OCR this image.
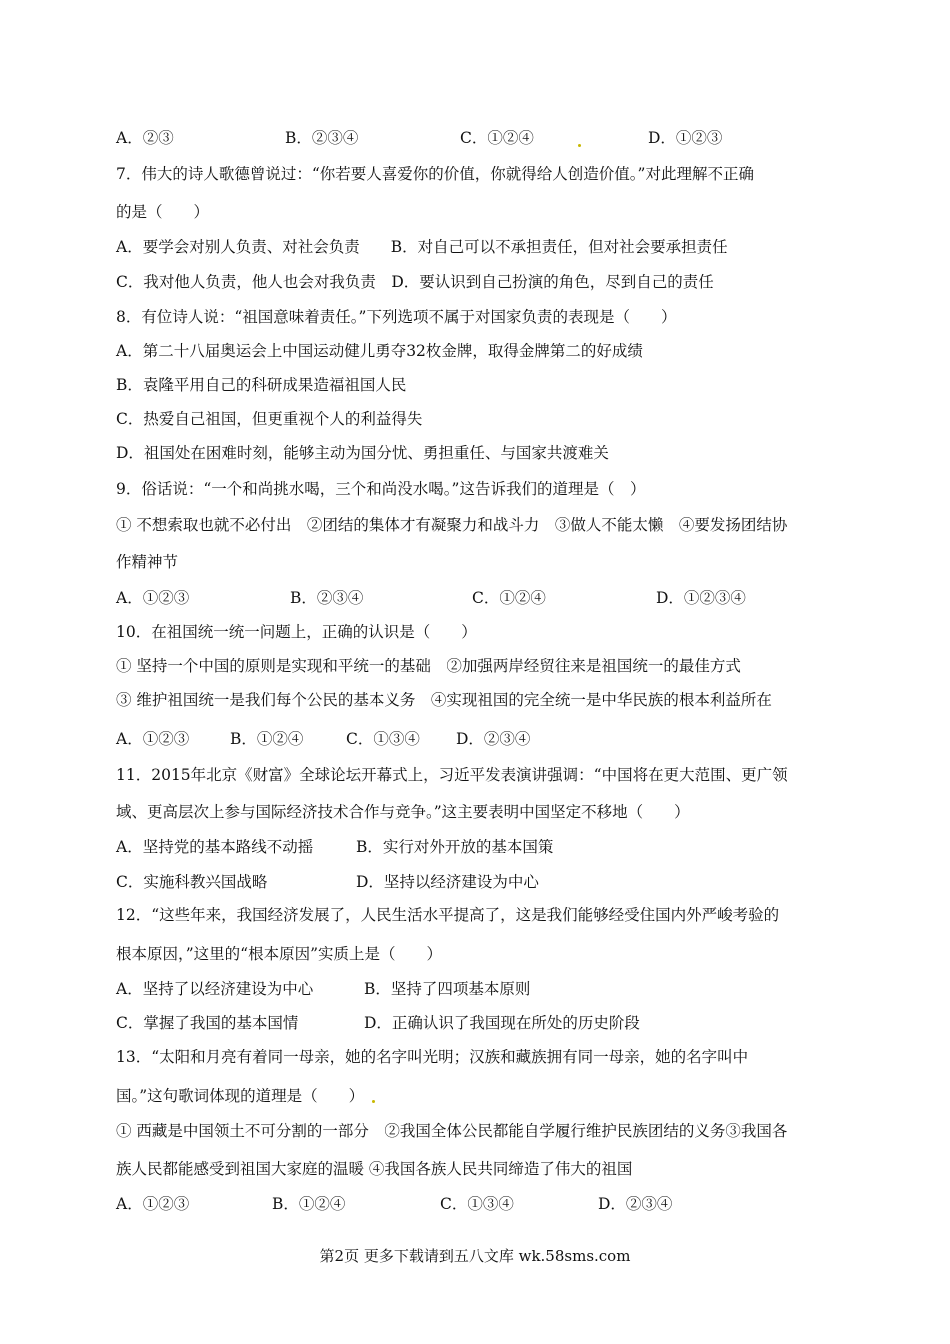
A．②③	B．②③④	C．①②④	D．①②③
7．伟大的诗人歌德曾说过：“你若要人喜爱你的价值，你就得给人创造价值。”对此理解不正确
的是（　　）
A．要学会对别人负责、对社会负责　　B．对自己可以不承担责任，但对社会要承担责任
C．我对他人负责，他人也会对我负责　D．要认识到自己扮演的角色，尽到自己的责任
8．有位诗人说：“祖国意味着责任。”下列选项不属于对国家负责的表现是（　　）
A．第二十八届奥运会上中国运动健儿勇夺32枚金牌，取得金牌第二的好成绩
B．袁隆平用自己的科研成果造福祖国人民
C．热爱自己祖国，但更重视个人的利益得失
D．祖国处在困难时刻，能够主动为国分忧、勇担重任、与国家共渡难关
9．俗话说：“一个和尚挑水喝，三个和尚没水喝。”这告诉我们的道理是（　）
① 不想索取也就不必付出　②团结的集体才有凝聚力和战斗力　③做人不能太懒　④要发扬团结协
作精神节
A．①②③	B．②③④	C．①②④	D．①②③④
10．在祖国统一统一问题上，正确的认识是（　　）
① 坚持一个中国的原则是实现和平统一的基础　②加强两岸经贸往来是祖国统一的最佳方式
③ 维护祖国统一是我们每个公民的基本义务　④实现祖国的完全统一是中华民族的根本利益所在
A．①②③	B．①②④	C．①③④ D．②③④
11．2015年北京《财富》全球论坛开幕式上，习近平发表演讲强调：“中国将在更大范围、更广领
域、更高层次上参与国际经济技术合作与竞争。”这主要表明中国坚定不移地（　　）
A．坚持党的基本路线不动摇	B．实行对外开放的基本国策
C．实施科教兴国战略	D．坚持以经济建设为中心
12．“这些年来，我国经济发展了，人民生活水平提高了，这是我们能够经受住国内外严峻考验的
根本原因，”这里的“根本原因”实质上是（　　）
A．坚持了以经济建设为中心	B．坚持了四项基本原则
C．掌握了我国的基本国情	D．正确认识了我国现在所处的历史阶段
13．“太阳和月亮有着同一母亲，她的名字叫光明；汉族和藏族拥有同一母亲，她的名字叫中
国。”这句歌词体现的道理是（　　）
① 西藏是中国领土不可分割的一部分　②我国全体公民都能自学履行维护民族团结的义务③我国各
族人民都能感受到祖国大家庭的温暖 ④我国各族人民共同缔造了伟大的祖国
A．①②③	B．①②④	C．①③④	D．②③④
第2页 更多下载请到五八文库 wk.58sms.com
